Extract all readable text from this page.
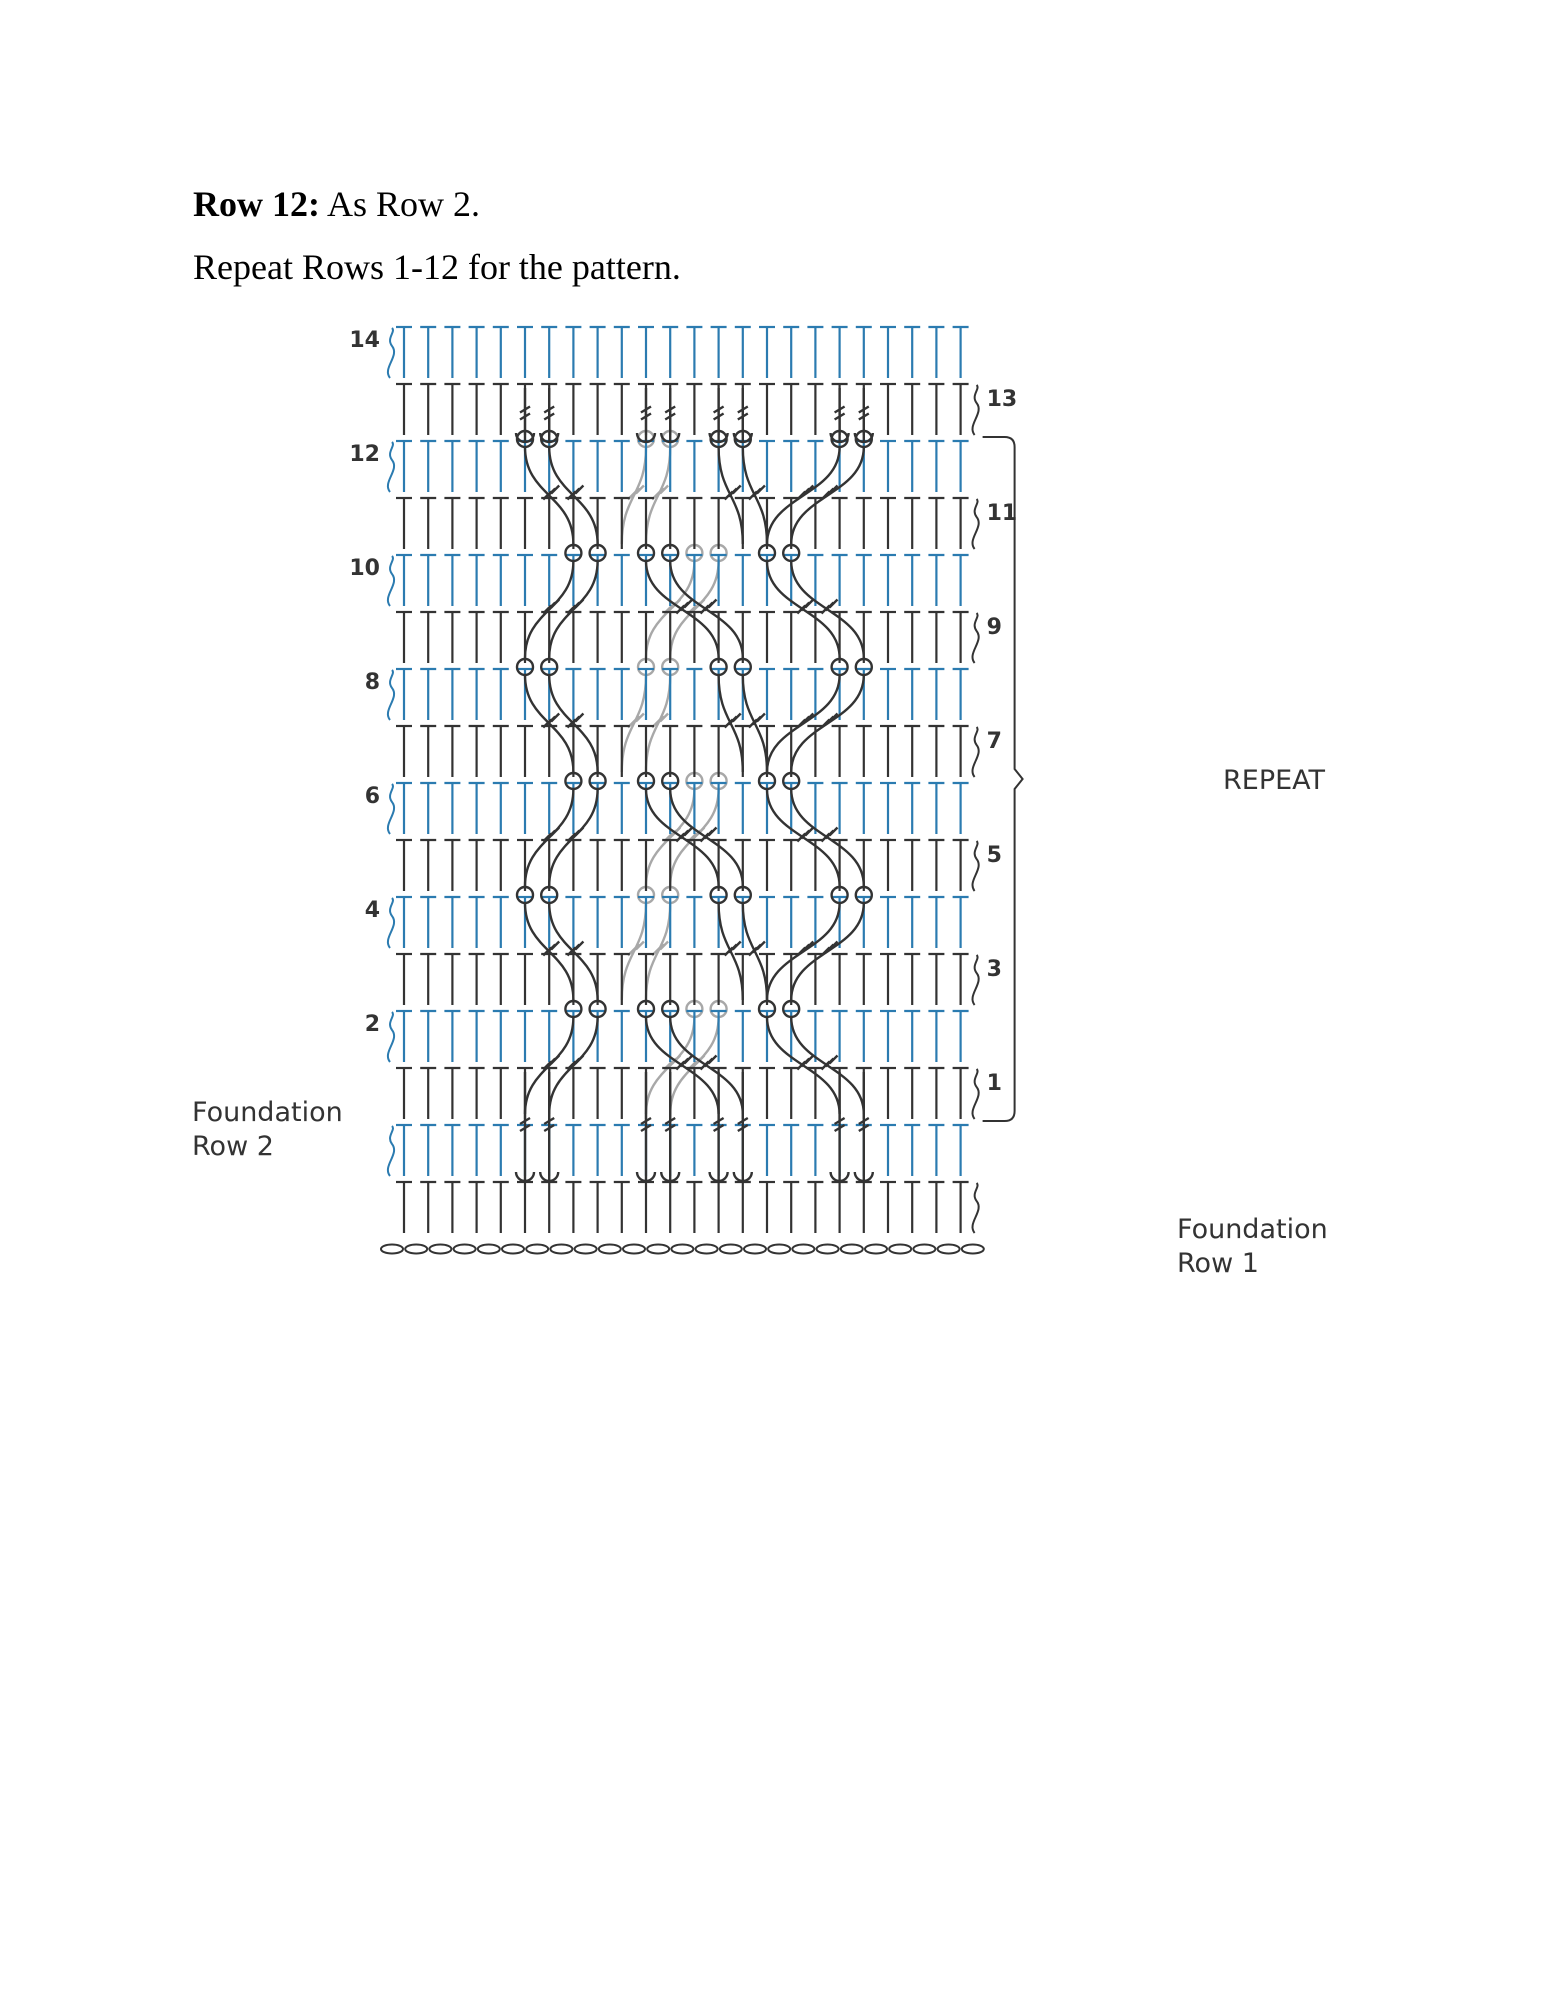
Row 12: As Row 2.
Repeat Rows 1-12 for the pattern.
14
12
10
8
6
4
2
13
11
9
7
5
3
1
Foundation Row 2
Foundation Row 1
REPEAT
